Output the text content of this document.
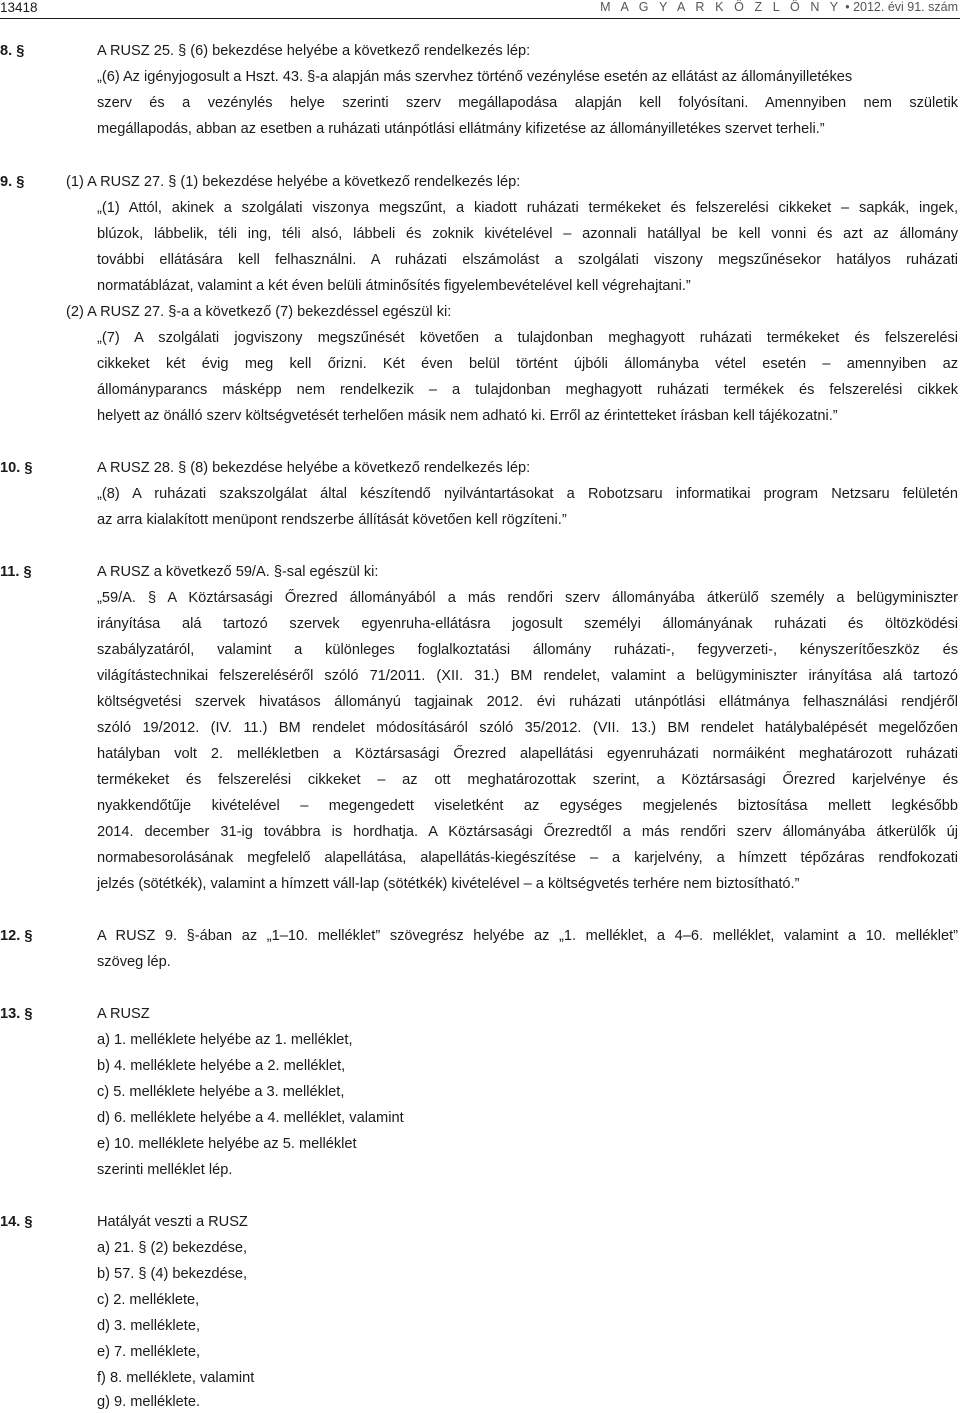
13418	M A G Y A R K Ö Z L Ö N Y • 2012. évi 91. szám
8. §	A RUSZ 25. § (6) bekezdése helyébe a következő rendelkezés lép:
„(6) Az igényjogosult a Hszt. 43. §-a alapján más szervhez történő vezénylése esetén az ellátást az állományilletékes
szerv és a vezénylés helye szerinti szerv megállapodása alapján kell folyósítani. Amennyiben nem születik
megállapodás, abban az esetben a ruházati utánpótlási ellátmány kifizetése az állományilletékes szervet terheli.”
9. §	(1) A RUSZ 27. § (1) bekezdése helyébe a következő rendelkezés lép:
„(1) Attól, akinek a szolgálati viszonya megszűnt, a kiadott ruházati termékeket és felszerelési cikkeket – sapkák, ingek,
blúzok, lábbelik, téli ing, téli alsó, lábbeli és zoknik kivételével – azonnali hatállyal be kell vonni és azt az állomány
további ellátására kell felhasználni. A ruházati elszámolást a szolgálati viszony megszűnésekor hatályos ruházati
normatáblázat, valamint a két éven belüli átminősítés figyelembevételével kell végrehajtani.”
(2) A RUSZ 27. §-a a következő (7) bekezdéssel egészül ki:
„(7) A szolgálati jogviszony megszűnését követően a tulajdonban meghagyott ruházati termékeket és felszerelési
cikkeket két évig meg kell őrizni. Két éven belül történt újbóli állományba vétel esetén – amennyiben az
állományparancs másképp nem rendelkezik – a tulajdonban meghagyott ruházati termékek és felszerelési cikkek
helyett az önálló szerv költségvetését terhelően másik nem adható ki. Erről az érintetteket írásban kell tájékozatni.”
10. §	A RUSZ 28. § (8) bekezdése helyébe a következő rendelkezés lép:
„(8) A ruházati szakszolgálat által készítendő nyilvántartásokat a Robotzsaru informatikai program Netzsaru felületén
az arra kialakított menüpont rendszerbe állítását követően kell rögzíteni.”
11. §	A RUSZ a következő 59/A. §-sal egészül ki:
„59/A. § A Köztársasági Őrezred állományából a más rendőri szerv állományába átkerülő személy a belügyminiszter
irányítása alá tartozó szervek egyenruha-ellátásra jogosult személyi állományának ruházati és öltözködési
szabályzatáról, valamint a különleges foglalkoztatási állomány ruházati-, fegyverzeti-, kényszerítőeszköz és
világítástechnikai felszereléséről szóló 71/2011. (XII. 31.) BM rendelet, valamint a belügyminiszter irányítása alá tartozó
költségvetési szervek hivatásos állományú tagjainak 2012. évi ruházati utánpótlási ellátmánya felhasználási rendjéről
szóló 19/2012. (IV. 11.) BM rendelet módosításáról szóló 35/2012. (VII. 13.) BM rendelet hatálybalépését megelőzően
hatályban volt 2. mellékletben a Köztársasági Őrezred alapellátási egyenruházati normáiként meghatározott ruházati
termékeket és felszerelési cikkeket – az ott meghatározottak szerint, a Köztársasági Őrezred karjelvénye és
nyakkendőtűje kivételével – megengedett viseletként az egységes megjelenés biztosítása mellett legkésőbb
2014. december 31-ig továbbra is hordhatja. A Köztársasági Őrezredtől a más rendőri szerv állományába átkerülők új
normabesorolásának megfelelő alapellátása, alapellátás-kiegészítése – a karjelvény, a hímzett tépőzáras rendfokozati
jelzés (sötétkék), valamint a hímzett váll-lap (sötétkék) kivételével – a költségvetés terhére nem biztosítható.”
12. §	A RUSZ 9. §-ában az „1–10. melléklet” szövegrész helyébe az „1. melléklet, a 4–6. melléklet, valamint a 10. melléklet”
szöveg lép.
13. §	A RUSZ
a) 1. melléklete helyébe az 1. melléklet,
b) 4. melléklete helyébe a 2. melléklet,
c) 5. melléklete helyébe a 3. melléklet,
d) 6. melléklete helyébe a 4. melléklet, valamint
e) 10. melléklete helyébe az 5. melléklet
szerinti melléklet lép.
14. §	Hatályát veszti a RUSZ
a) 21. § (2) bekezdése,
b) 57. § (4) bekezdése,
c) 2. melléklete,
d) 3. melléklete,
e) 7. melléklete,
f) 8. melléklete, valamint
g) 9. melléklete.
